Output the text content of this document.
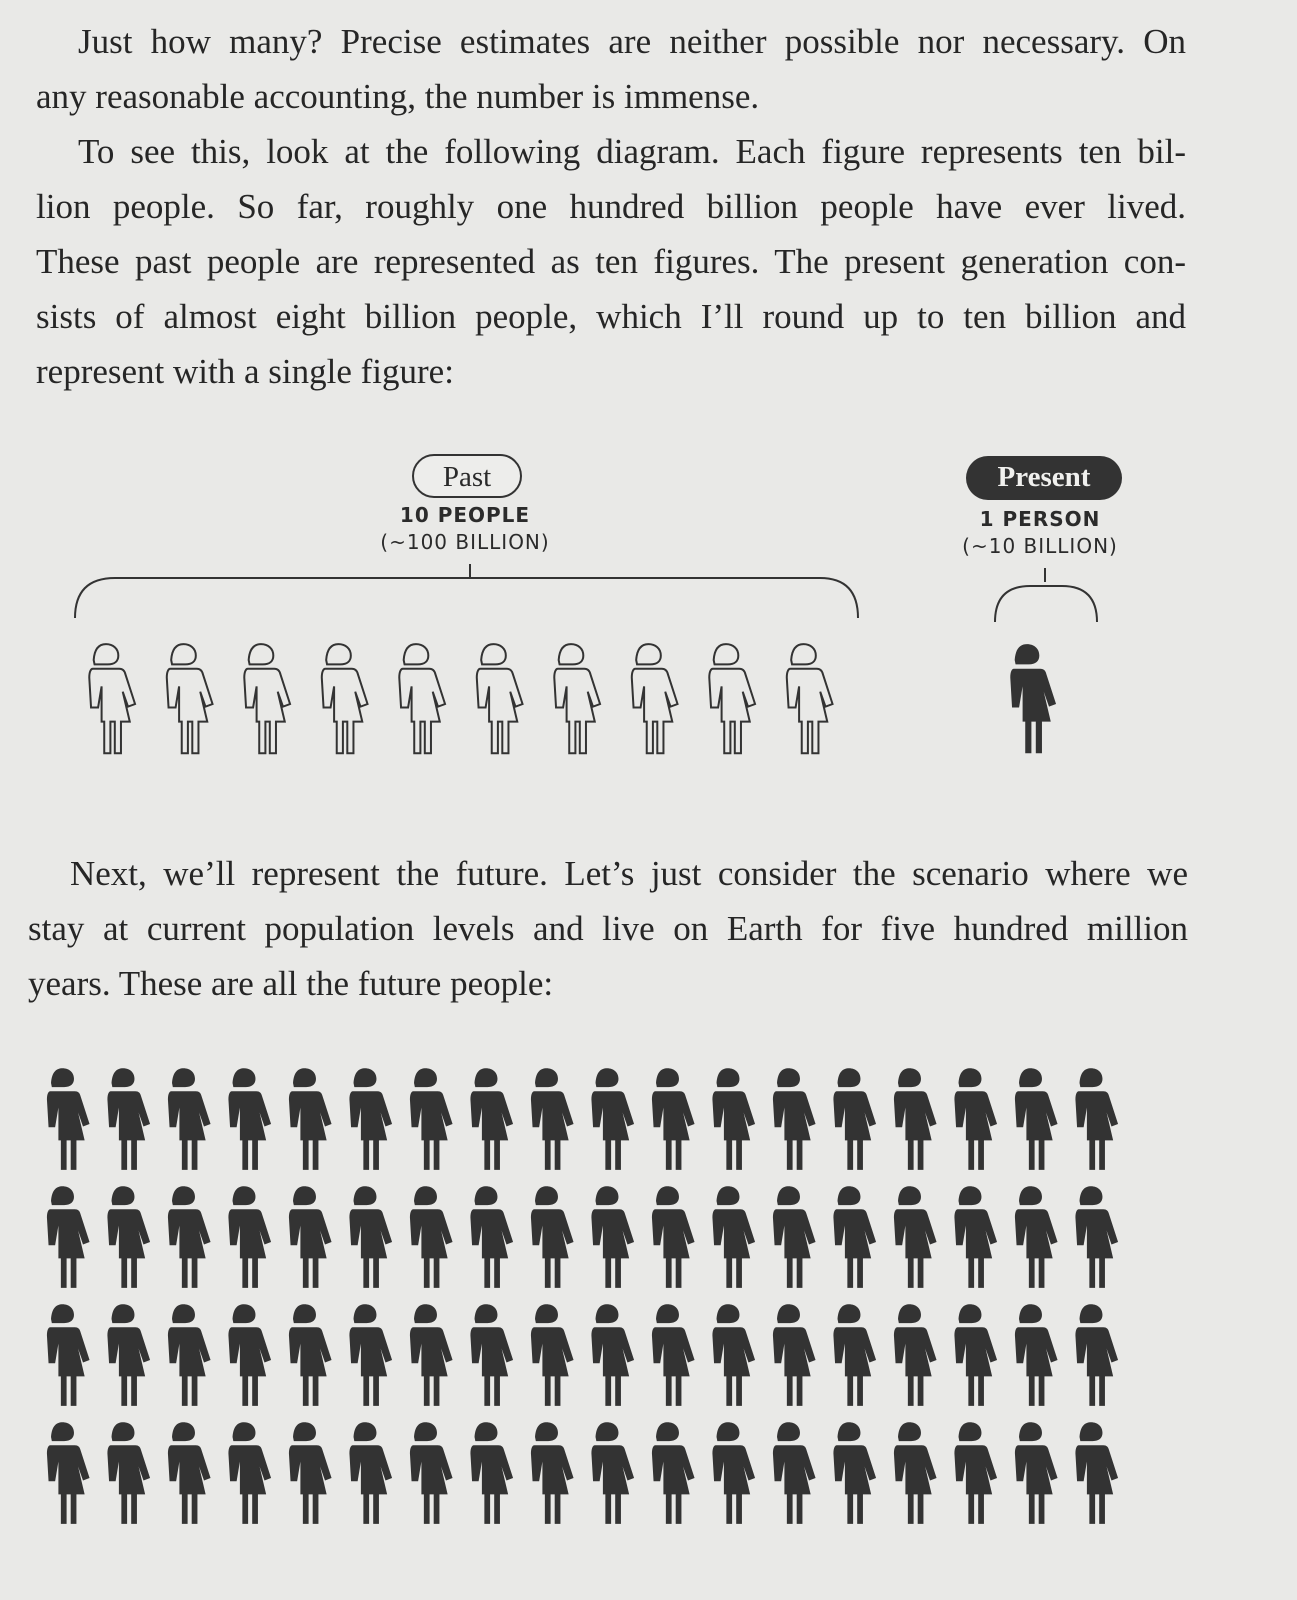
Just how many? Precise estimates are neither possible nor necessary. On
any reasonable accounting, the number is immense.

To see this, look at the following diagram. Each figure represents ten bil-
lion people. So far, roughly one hundred billion people have ever lived.
These past people are represented as ten figures. The present generation con-
sists of almost eight billion people, which I’ll round up to ten billion and
represent with a single figure:

Past
10 PEOPLE
(~100 BILLION)
Present
1 PERSON
(~10 BILLION)

Next, we’ll represent the future. Let’s just consider the scenario where we
stay at current population levels and live on Earth for five hundred million
years. These are all the future people:
